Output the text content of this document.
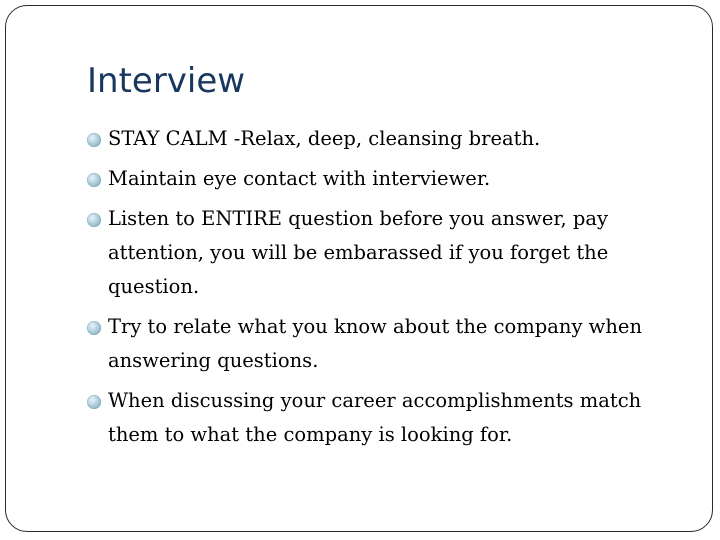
Interview
STAY CALM -Relax, deep, cleansing breath.
Maintain eye contact with interviewer.
Listen to ENTIRE question before you answer, pay attention, you will be embarassed if you forget the question.
Try to relate what you know about the company when answering questions.
When discussing your career accomplishments match them to what the company is looking for.
